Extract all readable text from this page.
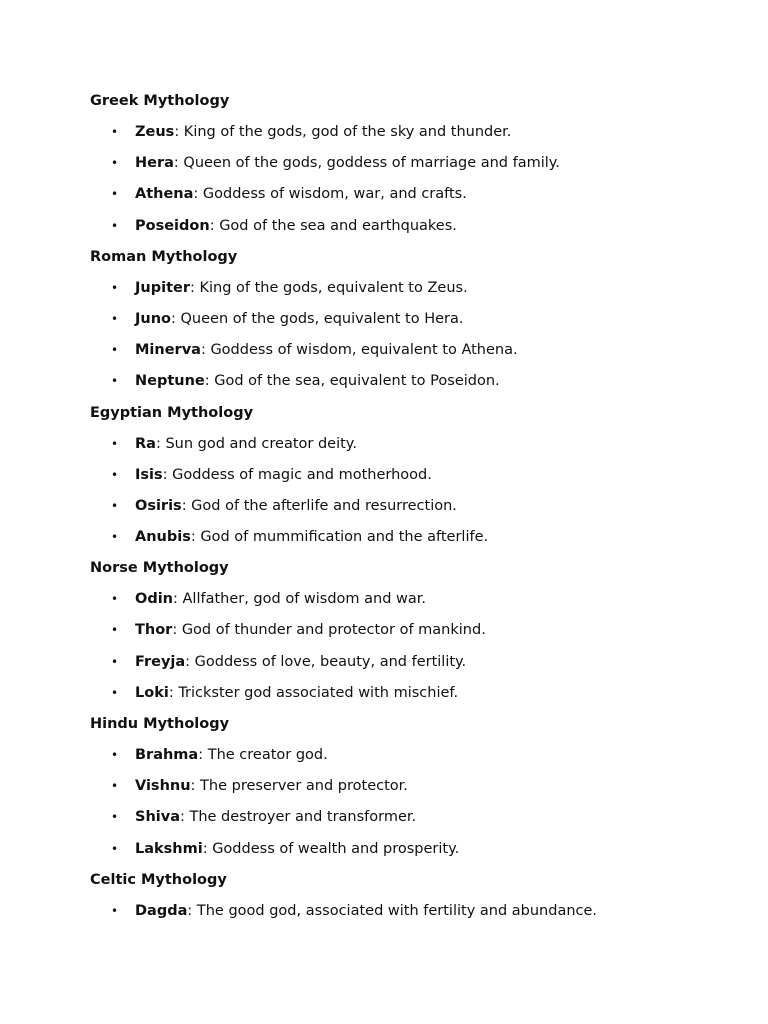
Greek Mythology
• Zeus: King of the gods, god of the sky and thunder.
• Hera: Queen of the gods, goddess of marriage and family.
• Athena: Goddess of wisdom, war, and crafts.
• Poseidon: God of the sea and earthquakes.
Roman Mythology
• Jupiter: King of the gods, equivalent to Zeus.
• Juno: Queen of the gods, equivalent to Hera.
• Minerva: Goddess of wisdom, equivalent to Athena.
• Neptune: God of the sea, equivalent to Poseidon.
Egyptian Mythology
• Ra: Sun god and creator deity.
• Isis: Goddess of magic and motherhood.
• Osiris: God of the afterlife and resurrection.
• Anubis: God of mummification and the afterlife.
Norse Mythology
• Odin: Allfather, god of wisdom and war.
• Thor: God of thunder and protector of mankind.
• Freyja: Goddess of love, beauty, and fertility.
• Loki: Trickster god associated with mischief.
Hindu Mythology
• Brahma: The creator god.
• Vishnu: The preserver and protector.
• Shiva: The destroyer and transformer.
• Lakshmi: Goddess of wealth and prosperity.
Celtic Mythology
• Dagda: The good god, associated with fertility and abundance.
